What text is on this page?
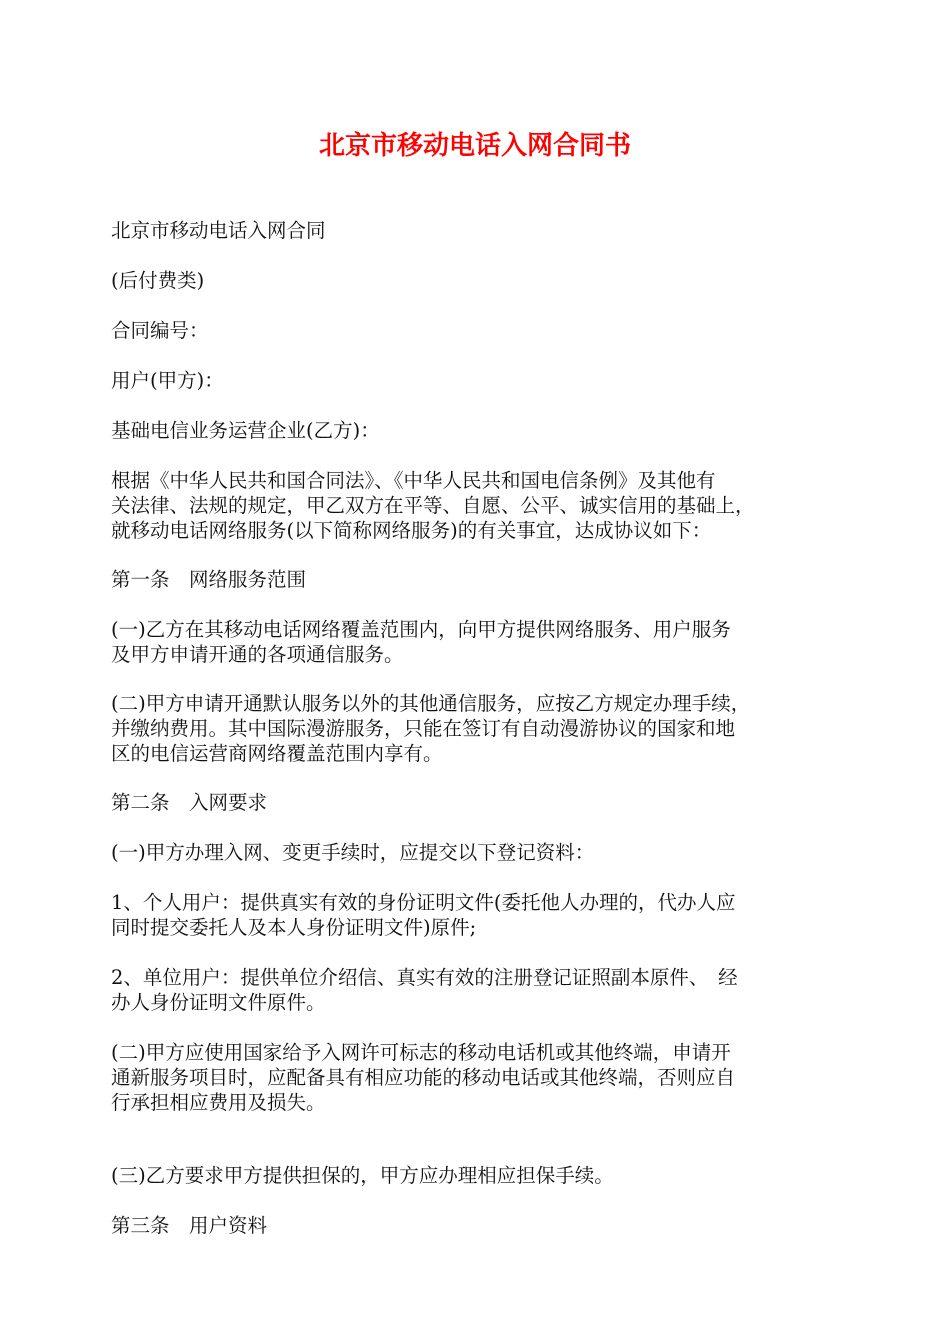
北京市移动电话入网合同书

北京市移动电话入网合同

(后付费类)

合同编号：

用户(甲方)：

基础电信业务运营企业(乙方)：

根据《中华人民共和国合同法》、《中华人民共和国电信条例》及其他有
关法律、法规的规定，甲乙双方在平等、自愿、公平、诚实信用的基础上，
就移动电话网络服务(以下简称网络服务)的有关事宜，达成协议如下：

第一条　网络服务范围

(一)乙方在其移动电话网络覆盖范围内，向甲方提供网络服务、用户服务
及甲方申请开通的各项通信服务。

(二)甲方申请开通默认服务以外的其他通信服务，应按乙方规定办理手续，
并缴纳费用。其中国际漫游服务，只能在签订有自动漫游协议的国家和地
区的电信运营商网络覆盖范围内享有。

第二条　入网要求

(一)甲方办理入网、变更手续时，应提交以下登记资料：

1、个人用户：提供真实有效的身份证明文件(委托他人办理的，代办人应
同时提交委托人及本人身份证明文件)原件;

2、单位用户：提供单位介绍信、真实有效的注册登记证照副本原件、　经
办人身份证明文件原件。

(二)甲方应使用国家给予入网许可标志的移动电话机或其他终端，申请开
通新服务项目时，应配备具有相应功能的移动电话或其他终端，否则应自
行承担相应费用及损失。

(三)乙方要求甲方提供担保的，甲方应办理相应担保手续。

第三条　用户资料
